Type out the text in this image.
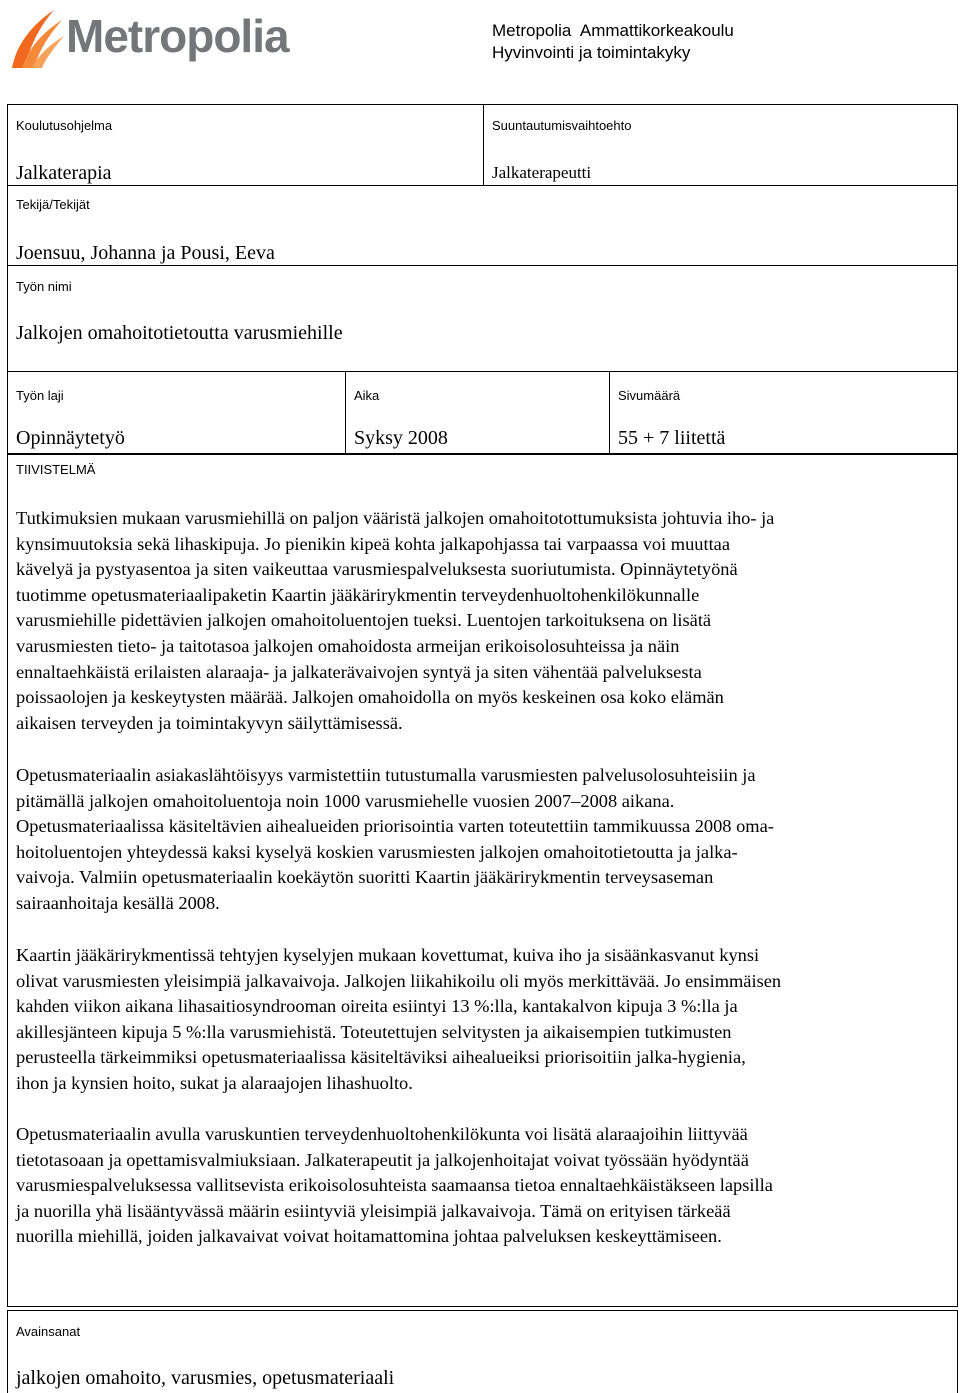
Metropolia	Metropolia  Ammattikorkeakoulu
Hyvinvointi ja toimintakyky
Koulutusohjelma
Jalkaterapia
Suuntautumisvaihtoehto
Jalkaterapeutti
Tekijä/Tekijät
Joensuu, Johanna ja Pousi, Eeva
Työn nimi
Jalkojen omahoitotietoutta varusmiehille
Työn laji
Opinnäytetyö
Aika
Syksy 2008
Sivumäärä
55 + 7 liitettä
TIIVISTELMÄ

Tutkimuksien mukaan varusmiehillä on paljon vääristä jalkojen omahoitotottumuksista johtuvia iho- ja
kynsimuutoksia sekä lihaskipuja. Jo pienikin kipeä kohta jalkapohjassa tai varpaassa voi muuttaa
kävelyä ja pystyasentoa ja siten vaikeuttaa varusmiespalveluksesta suoriutumista. Opinnäytetyönä
tuotimme opetusmateriaalipaketin Kaartin jääkärirykmentin terveydenhuoltohenkilökunnalle
varusmiehille pidettävien jalkojen omahoitoluentojen tueksi. Luentojen tarkoituksena on lisätä
varusmiesten tieto- ja taitotasoa jalkojen omahoidosta armeijan erikoisolosuhteissa ja näin
ennaltaehkäistä erilaisten alaraaja- ja jalkaterävaivojen syntyä ja siten vähentää palveluksesta
poissaolojen ja keskeytysten määrää. Jalkojen omahoidolla on myös keskeinen osa koko elämän
aikaisen terveyden ja toimintakyvyn säilyttämisessä.

Opetusmateriaalin asiakaslähtöisyys varmistettiin tutustumalla varusmiesten palvelusolosuhteisiin ja
pitämällä jalkojen omahoitoluentoja noin 1000 varusmiehelle vuosien 2007–2008 aikana.
Opetusmateriaalissa käsiteltävien aihealueiden priorisointia varten toteutettiin tammikuussa 2008 oma-
hoitoluentojen yhteydessä kaksi kyselyä koskien varusmiesten jalkojen omahoitotietoutta ja jalka-
vaivoja. Valmiin opetusmateriaalin koekäytön suoritti Kaartin jääkärirykmentin terveysaseman
sairaanhoitaja kesällä 2008.

Kaartin jääkärirykmentissä tehtyjen kyselyjen mukaan kovettumat, kuiva iho ja sisäänkasvanut kynsi
olivat varusmiesten yleisimpiä jalkavaivoja. Jalkojen liikahikoilu oli myös merkittävää. Jo ensimmäisen
kahden viikon aikana lihasaitiosyndrooman oireita esiintyi 13 %:lla, kantakalvon kipuja 3 %:lla ja
akillesjänteen kipuja 5 %:lla varusmiehistä. Toteutettujen selvitysten ja aikaisempien tutkimusten
perusteella tärkeimmiksi opetusmateriaalissa käsiteltäviksi aihealueiksi priorisoitiin jalka-hygienia,
ihon ja kynsien hoito, sukat ja alaraajojen lihashuolto.

Opetusmateriaalin avulla varuskuntien terveydenhuoltohenkilökunta voi lisätä alaraajoihin liittyvää
tietotasoaan ja opettamisvalmiuksiaan. Jalkaterapeutit ja jalkojenhoitajat voivat työssään hyödyntää
varusmiespalveluksessa vallitsevista erikoisolosuhteista saamaansa tietoa ennaltaehkäistäkseen lapsilla
ja nuorilla yhä lisääntyvässä määrin esiintyviä yleisimpiä jalkavaivoja. Tämä on erityisen tärkeää
nuorilla miehillä, joiden jalkavaivat voivat hoitamattomina johtaa palveluksen keskeyttämiseen.

Avainsanat
jalkojen omahoito, varusmies, opetusmateriaali
